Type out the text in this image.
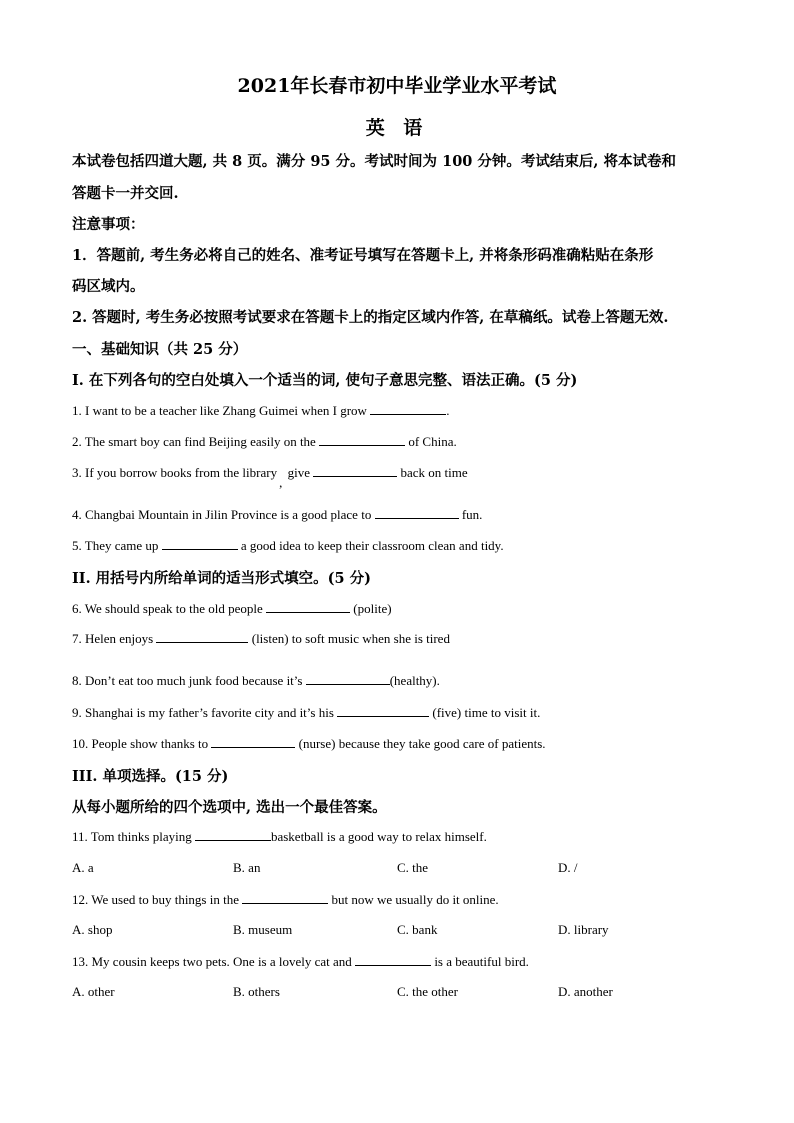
2021年长春市初中毕业学业水平考试
英 语
本试卷包括四道大题, 共 8 页。满分 95 分。考试时间为 100 分钟。考试结束后, 将本试卷和
答题卡一并交回.
注意事项：
1．答题前, 考生务必将自己的姓名、准考证号填写在答题卡上, 并将条形码准确粘贴在条形
码区域内。
2. 答题时, 考生务必按照考试要求在答题卡上的指定区域内作答, 在草稿纸。试卷上答题无效.
一、基础知识（共 25 分）
I. 在下列各句的空白处填入一个适当的词, 使句子意思完整、语法正确。(5 分)
1. I want to be a teacher like Zhang Guimei when I grow	.
2. The smart boy can find Beijing easily on the	of China.
3. If you borrow books from the library, give	back on time
4. Changbai Mountain in Jilin Province is a good place to	fun.
5. They came up	a good idea to keep their classroom clean and tidy.
II. 用括号内所给单词的适当形式填空。(5 分)
6. We should speak to the old people	(polite)
7. Helen enjoys	(listen) to soft music when she is tired
8. Don’t eat too much junk food because it’s	(healthy).
9. Shanghai is my father’s favorite city and it’s his	(five) time to visit it.
10. People show thanks to	(nurse) because they take good care of patients.
III. 单项选择。(15 分)
从每小题所给的四个选项中, 选出一个最佳答案。
11. Tom thinks playing	basketball is a good way to relax himself.
A. a	B. an	C. the	D. /
12. We used to buy things in the	but now we usually do it online.
A. shop	B. museum	C. bank	D. library
13. My cousin keeps two pets. One is a lovely cat and	is a beautiful bird.
A. other	B. others	C. the other	D. another
